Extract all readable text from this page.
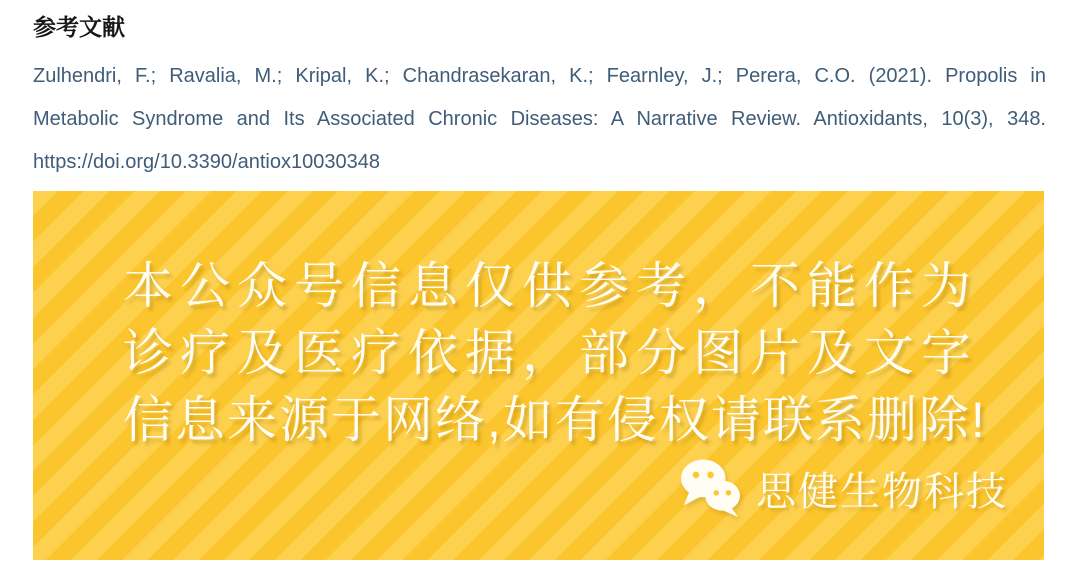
参考文献

Zulhendri, F.; Ravalia, M.; Kripal, K.; Chandrasekaran, K.; Fearnley, J.; Perera, C.O. (2021). Propolis in
Metabolic Syndrome and Its Associated Chronic Diseases: A Narrative Review. Antioxidants, 10(3), 348.
https://doi.org/10.3390/antiox10030348

本公众号信息仅供参考，不能作为
诊疗及医疗依据，部分图片及文字
信息来源于网络,如有侵权请联系删除!
思健生物科技
